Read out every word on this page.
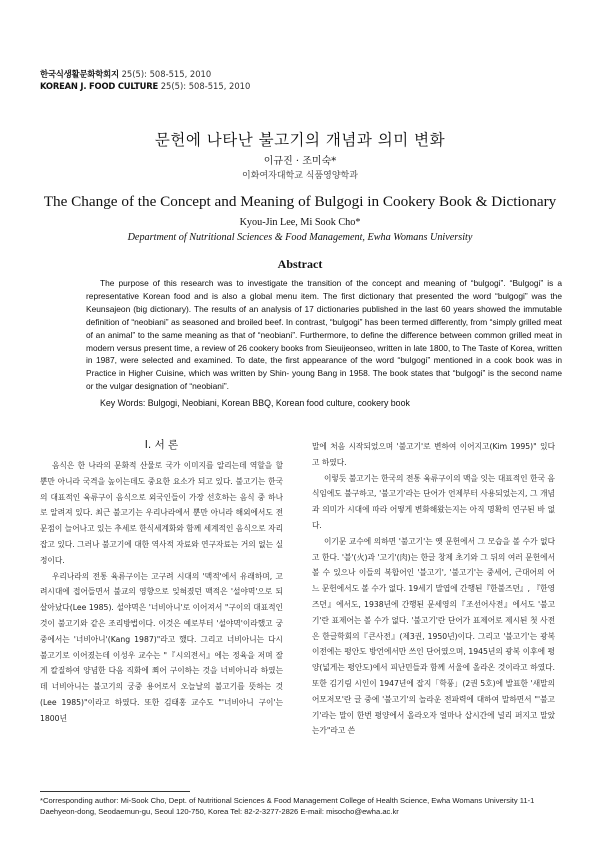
한국식생활문화학회지 25(5): 508-515, 2010
KOREAN J. FOOD CULTURE 25(5): 508-515, 2010
문헌에 나타난 불고기의 개념과 의미 변화
이규진 · 조미숙*
이화여자대학교 식품영양학과
The Change of the Concept and Meaning of Bulgogi in Cookery Book & Dictionary
Kyou-Jin Lee, Mi Sook Cho*
Department of Nutritional Sciences & Food Management, Ewha Womans University
Abstract
The purpose of this research was to investigate the transition of the concept and meaning of “bulgogi”. “Bulgogi” is a representative Korean food and is also a global menu item. The first dictionary that presented the word “bulgogi” was the Keunsajeon (big dictionary). The results of an analysis of 17 dictionaries published in the last 60 years showed the immutable definition of “neobiani” as seasoned and broiled beef. In contrast, “bulgogi” has been termed differently, from “simply grilled meat of an animal” to the same meaning as that of “neobiani”. Furthermore, to define the difference between common grilled meat in modern versus present time, a review of 26 cookery books from Sieuijeonseo, written in late 1800, to The Taste of Korea, written in 1987, were selected and examined. To date, the first appearance of the word “bulgogi” mentioned in a cook book was in Practice in Higher Cuisine, which was written by Shin- young Bang in 1958. The book states that “bulgogi” is the second name or the vulgar designation of “neobiani”.
Key Words: Bulgogi, Neobiani, Korean BBQ, Korean food culture, cookery book
I. 서 론

음식은 한 나라의 문화적 산물로 국가 이미지를 알리는데 역할을 할 뿐만 아니라 국격을 높이는데도 중요한 요소가 되고 있다. 불고기는 한국의 대표적인 육류구이 음식으로 외국인들이 가장 선호하는 음식 중 하나로 알려져 있다. 최근 불고기는 우리나라에서 뿐만 아니라 해외에서도 전문점이 늘어나고 있는 추세로 한식세계화와 함께 세계적인 음식으로 자리잡고 있다. 그러나 불고기에 대한 역사적 자료와 연구자료는 거의 없는 실정이다.

우리나라의 전통 육류구이는 고구려 시대의 '맥적'에서 유래하며, 고려시대에 접어들면서 불교의 영향으로 잊혀졌던 맥적은 '설야멱'으로 되살아났다(Lee 1985). 설야멱은 '너비아니'로 이어져서 "구이의 대표적인 것이 불고기와 같은 조리방법이다. 이것은 예로부터 '설야멱'이라했고 궁중에서는 '너비아니'(Kang 1987)"라고 했다. 그리고 너비아니는 다시 불고기로 이어졌는데 이성우 교수는 "『시의전서』에는 정육을 저며 잘게 칼질하여 양념한 다음 직화에 쬐어 구이하는 것을 너비아니라 하였는데 너비아니는 불고기의 궁중 용어로서 오늘날의 불고기를 뜻하는 것(Lee 1985)"이라고 하였다. 또한 김태홍 교수도 "'너비아니 구이'는 1800년

말에 처음 시작되었으며 '불고기'로 변하여 이어지고(Kim 1995)" 있다고 하였다.

이렇듯 불고기는 한국의 전통 육류구이의 맥을 잇는 대표적인 한국 음식임에도 불구하고, '불고기'라는 단어가 언제부터 사용되었는지, 그 개념과 의미가 시대에 따라 어떻게 변화해왔는지는 아직 명확히 연구된 바 없다.

이기문 교수에 의하면 '불고기'는 옛 문헌에서 그 모습을 볼 수가 없다고 한다. '블'(火)과 '고기'(肉)는 한글 창제 초기와 그 뒤의 여러 문헌에서 볼 수 있으나 이들의 복합어인 '블고기', '불고기'는 중세어, 근대어의 어느 문헌에서도 볼 수가 없다. 19세기 말엽에 간행된『한불즈뎐』, 『한영즈뎐』에서도, 1938년에 간행된 문세영의『조선어사전』에서도 '불고기'란 표제어는 볼 수가 없다. '불고기'란 단어가 표제어로 제시된 첫 사전은 한글학회의『큰사전』(제3권, 1950년)이다. 그리고 '불고기'는 광복 이전에는 평안도 방언에서만 쓰인 단어였으며, 1945년의 광복 이후에 평양(넓게는 평안도)에서 피난민들과 함께 서울에 올라온 것이라고 하였다. 또한 김기림 시인이 1947년에 잡지「학풍」(2권 5호)에 발표한 '새말의 어모저모'란 글 중에 '불고기'의 놀라운 전파력에 대하여 말하면서 "'불고기'라는 말이 한번 평양에서 올라오자 얼마나 삽시간에 널리 퍼지고 말았는가"라고 쓴

*Corresponding author: Mi-Sook Cho, Dept. of Nutritional Sciences & Food Management College of Health Science, Ewha Womans University 11-1 Daehyeon-dong, Seodaemun-gu, Seoul 120-750, Korea Tel: 82-2-3277-2826 E-mail: misocho@ewha.ac.kr
